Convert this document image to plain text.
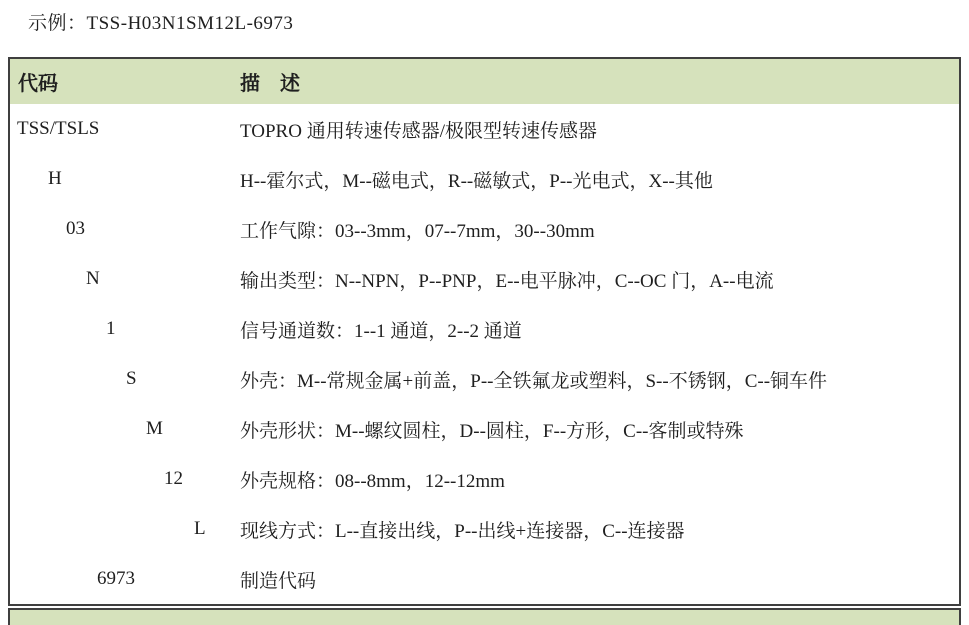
示例：TSS-H03N1SM12L-6973
代码	描　述
TSS/TSLS	TOPRO 通用转速传感器/极限型转速传感器
H	H--霍尔式，M--磁电式，R--磁敏式，P--光电式，X--其他
03	工作气隙：03--3mm，07--7mm，30--30mm
N	输出类型：N--NPN，P--PNP，E--电平脉冲，C--OC 门，A--电流
1	信号通道数：1--1 通道，2--2 通道
S	外壳：M--常规金属+前盖，P--全铁氟龙或塑料，S--不锈钢，C--铜车件
M	外壳形状：M--螺纹圆柱，D--圆柱，F--方形，C--客制或特殊
12	外壳规格：08--8mm，12--12mm
L	现线方式：L--直接出线，P--出线+连接器，C--连接器
6973	制造代码
